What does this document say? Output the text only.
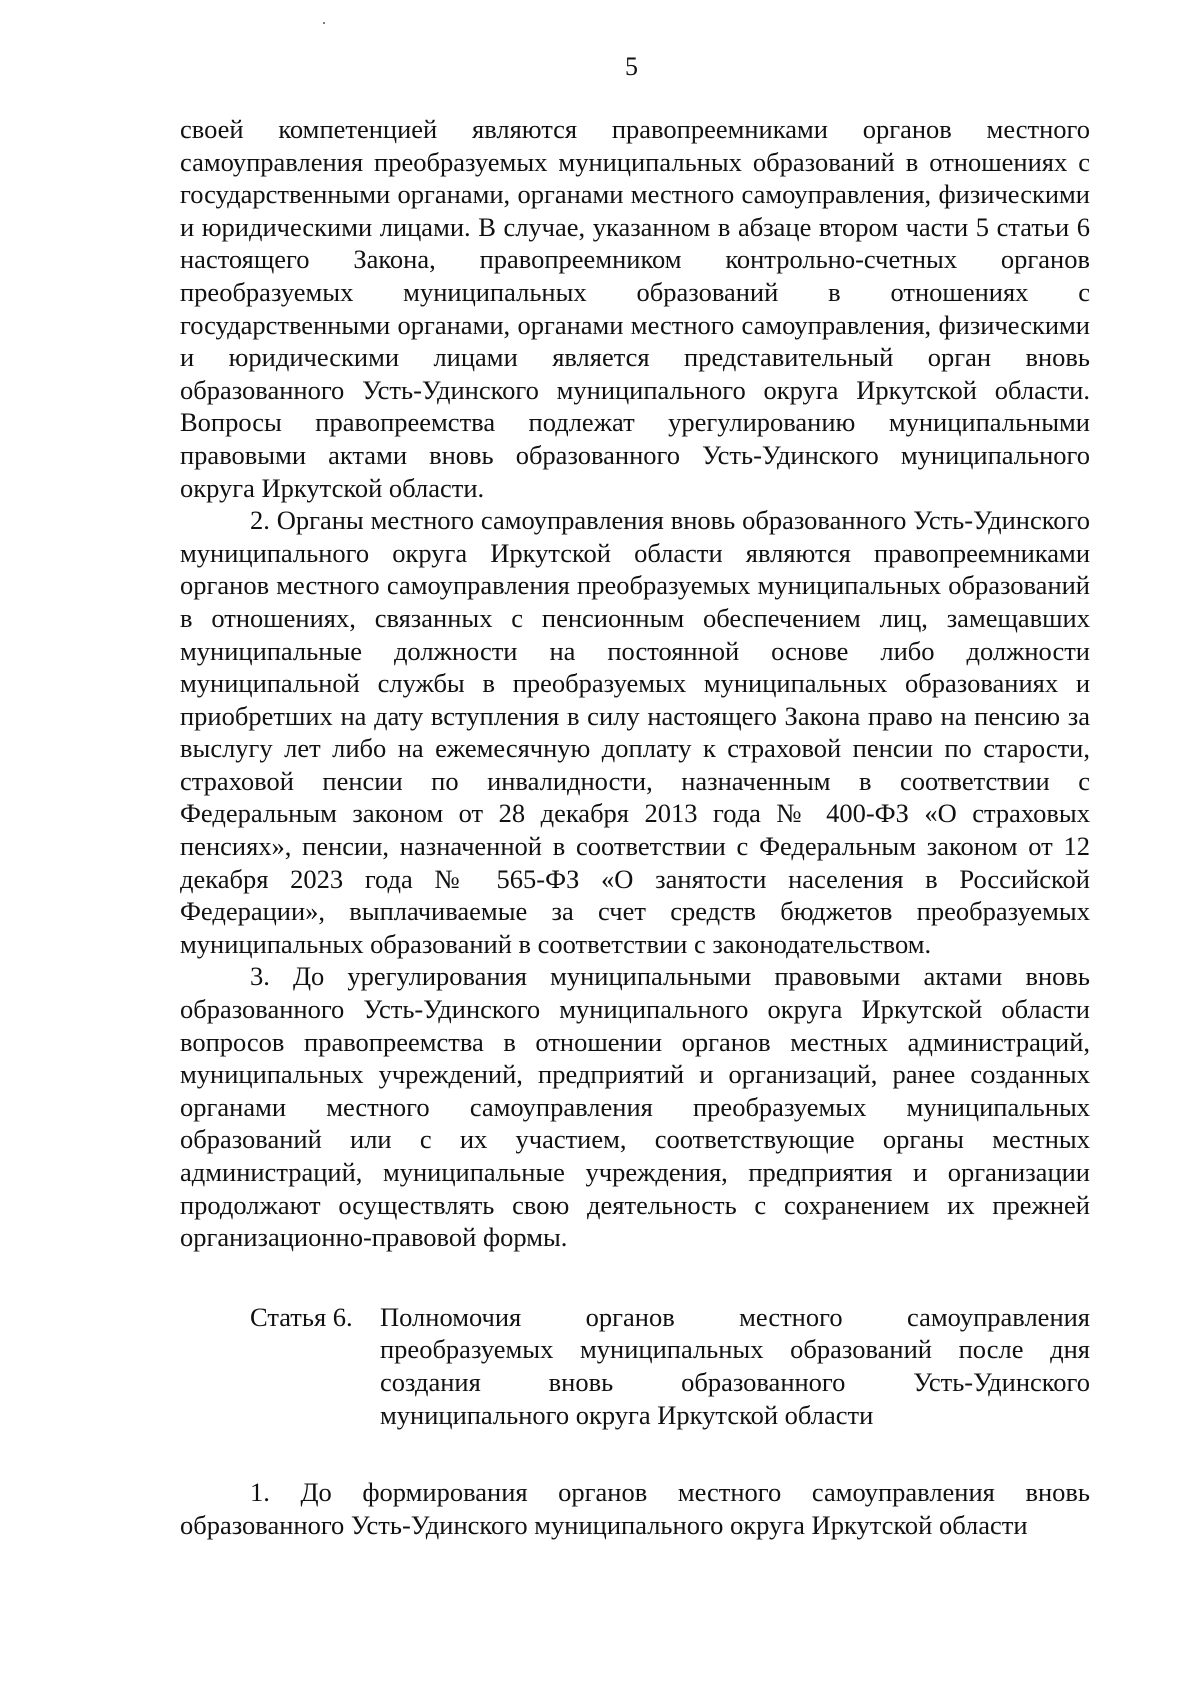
5

своей компетенцией являются правопреемниками органов местного самоуправления преобразуемых муниципальных образований в отношениях с государственными органами, органами местного самоуправления, физическими и юридическими лицами. В случае, указанном в абзаце втором части 5 статьи 6 настоящего Закона, правопреемником контрольно-счетных органов преобразуемых муниципальных образований в отношениях с государственными органами, органами местного самоуправления, физическими и юридическими лицами является представительный орган вновь образованного Усть-Удинского муниципального округа Иркутской области. Вопросы правопреемства подлежат урегулированию муниципальными правовыми актами вновь образованного Усть-Удинского муниципального округа Иркутской области.

2. Органы местного самоуправления вновь образованного Усть-Удинского муниципального округа Иркутской области являются правопреемниками органов местного самоуправления преобразуемых муниципальных образований в отношениях, связанных с пенсионным обеспечением лиц, замещавших муниципальные должности на постоянной основе либо должности муниципальной службы в преобразуемых муниципальных образованиях и приобретших на дату вступления в силу настоящего Закона право на пенсию за выслугу лет либо на ежемесячную доплату к страховой пенсии по старости, страховой пенсии по инвалидности, назначенным в соответствии с Федеральным законом от 28 декабря 2013 года № 400-ФЗ «О страховых пенсиях», пенсии, назначенной в соответствии с Федеральным законом от 12 декабря 2023 года № 565-ФЗ «О занятости населения в Российской Федерации», выплачиваемые за счет средств бюджетов преобразуемых муниципальных образований в соответствии с законодательством.

3. До урегулирования муниципальными правовыми актами вновь образованного Усть-Удинского муниципального округа Иркутской области вопросов правопреемства в отношении органов местных администраций, муниципальных учреждений, предприятий и организаций, ранее созданных органами местного самоуправления преобразуемых муниципальных образований или с их участием, соответствующие органы местных администраций, муниципальные учреждения, предприятия и организации продолжают осуществлять свою деятельность с сохранением их прежней организационно-правовой формы.

Статья 6.	Полномочия органов местного самоуправления преобразуемых муниципальных образований после дня создания вновь образованного Усть-Удинского муниципального округа Иркутской области

1. До формирования органов местного самоуправления вновь образованного Усть-Удинского муниципального округа Иркутской области
